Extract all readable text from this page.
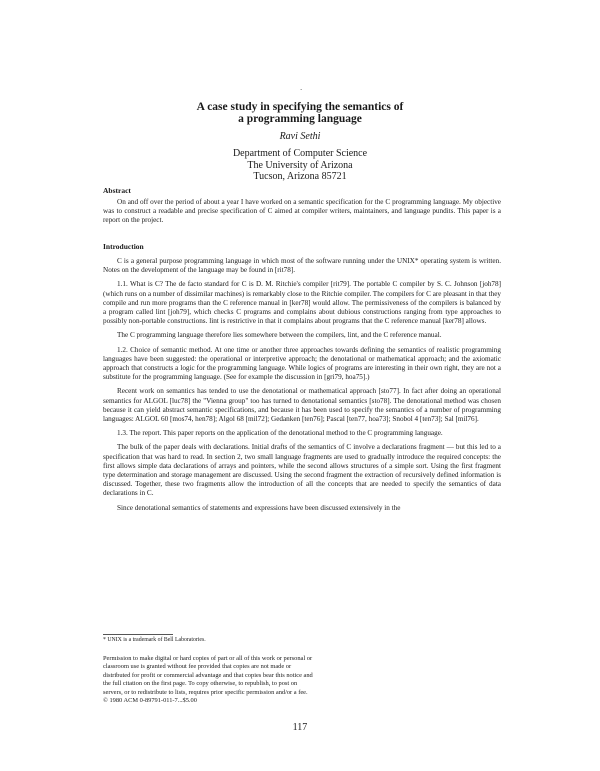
`
A case study in specifying the semantics of
a programming language
Ravi Sethi
Department of Computer Science
The University of Arizona
Tucson, Arizona 85721

Abstract

On and off over the period of about a year I have worked on a semantic specification for the C programming language. My objective was to construct a readable and precise specification of C aimed at compiler writers, maintainers, and language pundits. This paper is a report on the project.

Introduction

C is a general purpose programming language in which most of the software running under the UNIX* operating system is written. Notes on the development of the language may be found in [rit78].

1.1. What is C? The de facto standard for C is D. M. Ritchie's compiler [rit79]. The portable C compiler by S. C. Johnson [joh78] (which runs on a number of dissimilar machines) is remarkably close to the Ritchie compiler. The compilers for C are pleasant in that they compile and run more programs than the C reference manual in [ker78] would allow. The permissiveness of the compilers is balanced by a program called lint [joh79], which checks C programs and complains about dubious constructions ranging from type approaches to possibly non-portable constructions. lint is restrictive in that it complains about programs that the C reference manual [ker78] allows.

The C programming language therefore lies somewhere between the compilers, lint, and the C reference manual.

1.2. Choice of semantic method. At one time or another three approaches towards defining the semantics of realistic programming languages have been suggested: the operational or interpretive approach; the denotational or mathematical approach; and the axiomatic approach that constructs a logic for the programming language. While logics of programs are interesting in their own right, they are not a substitute for the programming language. (See for example the discussion in [gri79, hoa75].)

Recent work on semantics has tended to use the denotational or mathematical approach [sto77]. In fact after doing an operational semantics for ALGOL [luc78] the "Vienna group" too has turned to denotational semantics [sto78]. The denotational method was chosen because it can yield abstract semantic specifications, and because it has been used to specify the semantics of a number of programming languages: ALGOL 60 [mos74, hen78]; Algol 68 [mil72]; Gedanken [ten76]; Pascal [ten77, hoa73]; Snobol 4 [ten73]; Sal [mil76].

1.3. The report. This paper reports on the application of the denotational method to the C programming language.

The bulk of the paper deals with declarations. Initial drafts of the semantics of C involve a declarations fragment — but this led to a specification that was hard to read. In section 2, two small language fragments are used to gradually introduce the required concepts: the first allows simple data declarations of arrays and pointers, while the second allows structures of a simple sort. Using the first fragment type determination and storage management are discussed. Using the second fragment the extraction of recursively defined information is discussed. Together, these two fragments allow the introduction of all the concepts that are needed to specify the semantics of data declarations in C.

Since denotational semantics of statements and expressions have been discussed extensively in the

* UNIX is a trademark of Bell Laboratories.
Permission to make digital or hard copies of part or all of this work or personal or classroom use is granted without fee provided that copies are not made or distributed for profit or commercial advantage and that copies bear this notice and the full citation on the first page. To copy otherwise, to republish, to post on servers, or to redistribute to lists, requires prior specific permission and/or a fee.
© 1980 ACM 0-89791-011-7...$5.00
117
